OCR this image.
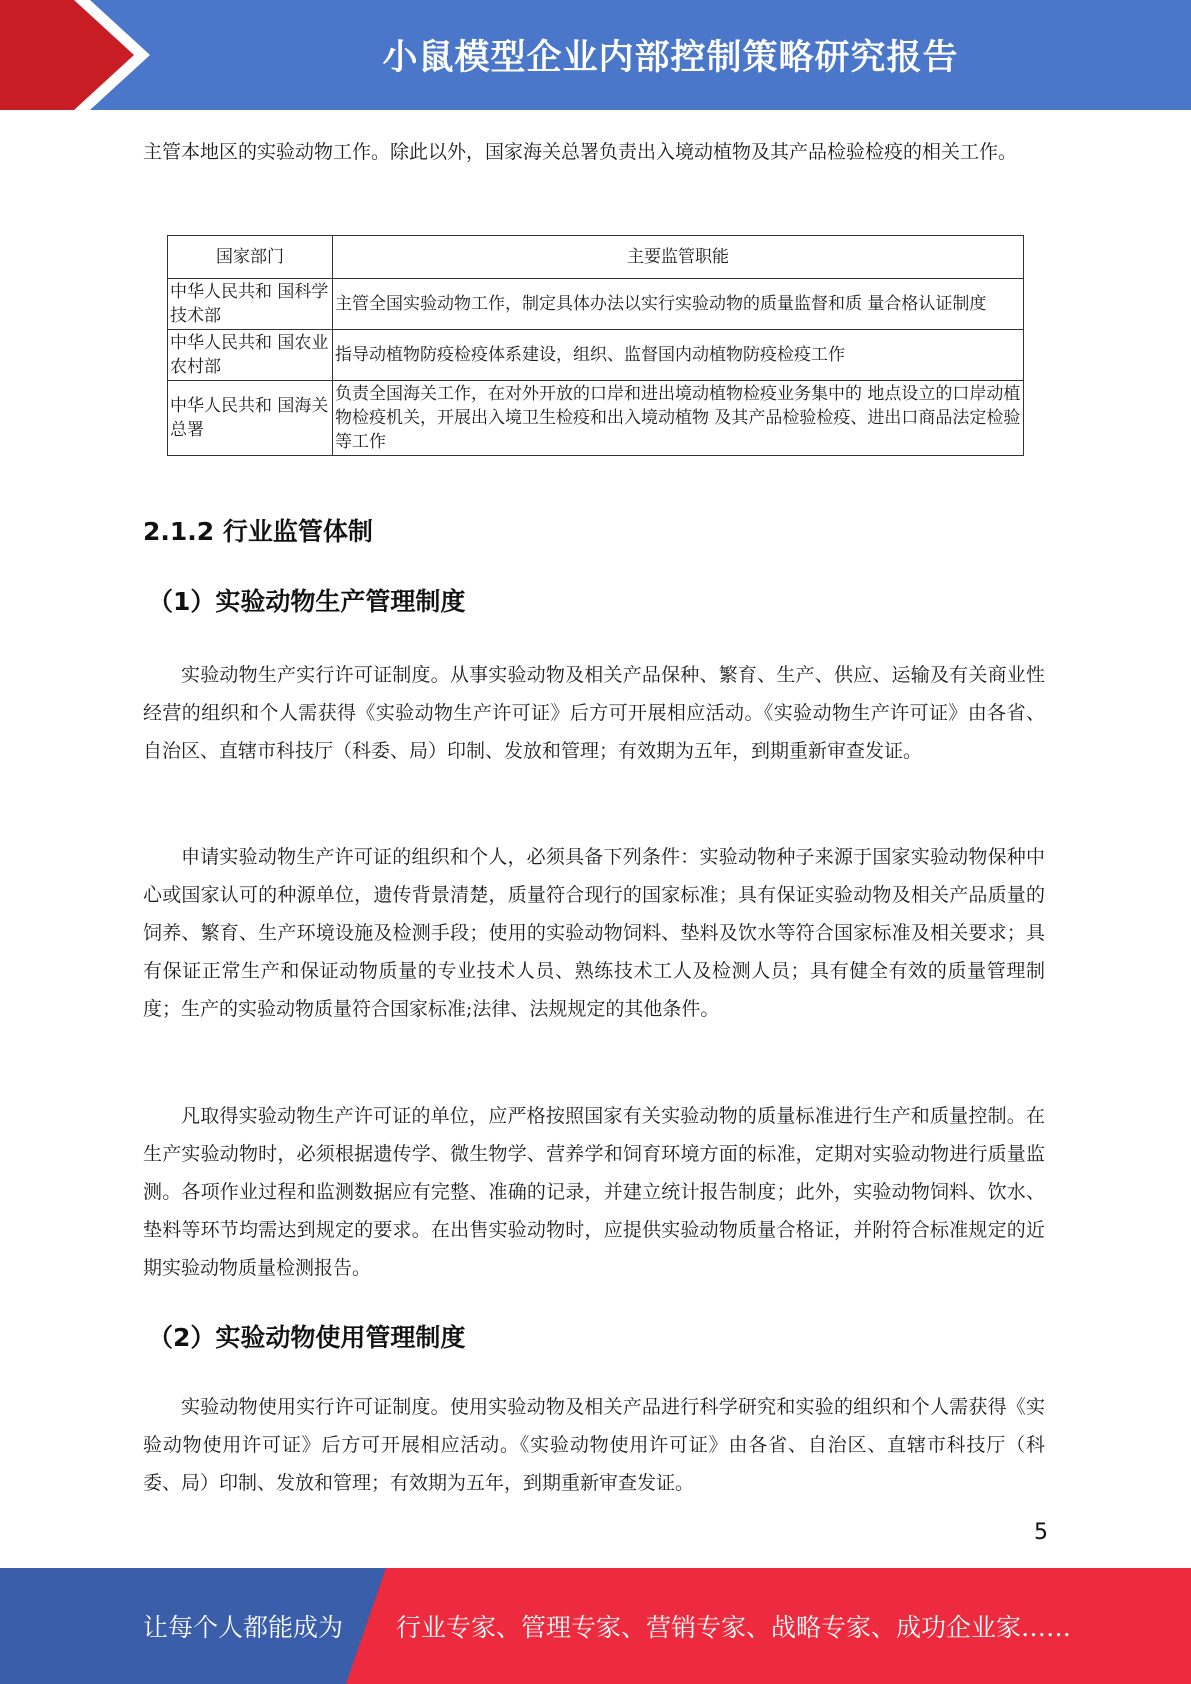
小鼠模型企业内部控制策略研究报告

主管本地区的实验动物工作。除此以外，国家海关总署负责出入境动植物及其产品检验检疫的相关工作。

国家部门	主要监管职能
中华人民共和 国科学技术部	主管全国实验动物工作，制定具体办法以实行实验动物的质量监督和质 量合格认证制度
中华人民共和 国农业农村部	指导动植物防疫检疫体系建设，组织、监督国内动植物防疫检疫工作
中华人民共和 国海关总署	负责全国海关工作，在对外开放的口岸和进出境动植物检疫业务集中的 地点设立的口岸动植物检疫机关，开展出入境卫生检疫和出入境动植物 及其产品检验检疫、进出口商品法定检验等工作
2.1.2 行业监管体制
（1）实验动物生产管理制度

实验动物生产实行许可证制度。从事实验动物及相关产品保种、繁育、生产、供应、运输及有关商业性经营的组织和个人需获得《实验动物生产许可证》后方可开展相应活动。《实验动物生产许可证》由各省、自治区、直辖市科技厅（科委、局）印制、发放和管理；有效期为五年，到期重新审查发证。

申请实验动物生产许可证的组织和个人，必须具备下列条件：实验动物种子来源于国家实验动物保种中心或国家认可的种源单位，遗传背景清楚，质量符合现行的国家标准；具有保证实验动物及相关产品质量的饲养、繁育、生产环境设施及检测手段；使用的实验动物饲料、垫料及饮水等符合国家标准及相关要求；具有保证正常生产和保证动物质量的专业技术人员、熟练技术工人及检测人员；具有健全有效的质量管理制度；生产的实验动物质量符合国家标准;法律、法规规定的其他条件。

凡取得实验动物生产许可证的单位，应严格按照国家有关实验动物的质量标准进行生产和质量控制。在生产实验动物时，必须根据遗传学、微生物学、营养学和饲育环境方面的标准，定期对实验动物进行质量监测。各项作业过程和监测数据应有完整、准确的记录，并建立统计报告制度；此外，实验动物饲料、饮水、垫料等环节均需达到规定的要求。在出售实验动物时，应提供实验动物质量合格证，并附符合标准规定的近期实验动物质量检测报告。

（2）实验动物使用管理制度

实验动物使用实行许可证制度。使用实验动物及相关产品进行科学研究和实验的组织和个人需获得《实验动物使用许可证》后方可开展相应活动。《实验动物使用许可证》由各省、自治区、直辖市科技厅（科委、局）印制、发放和管理；有效期为五年，到期重新审查发证。

5
让每个人都能成为 行业专家、管理专家、营销专家、战略专家、成功企业家……
